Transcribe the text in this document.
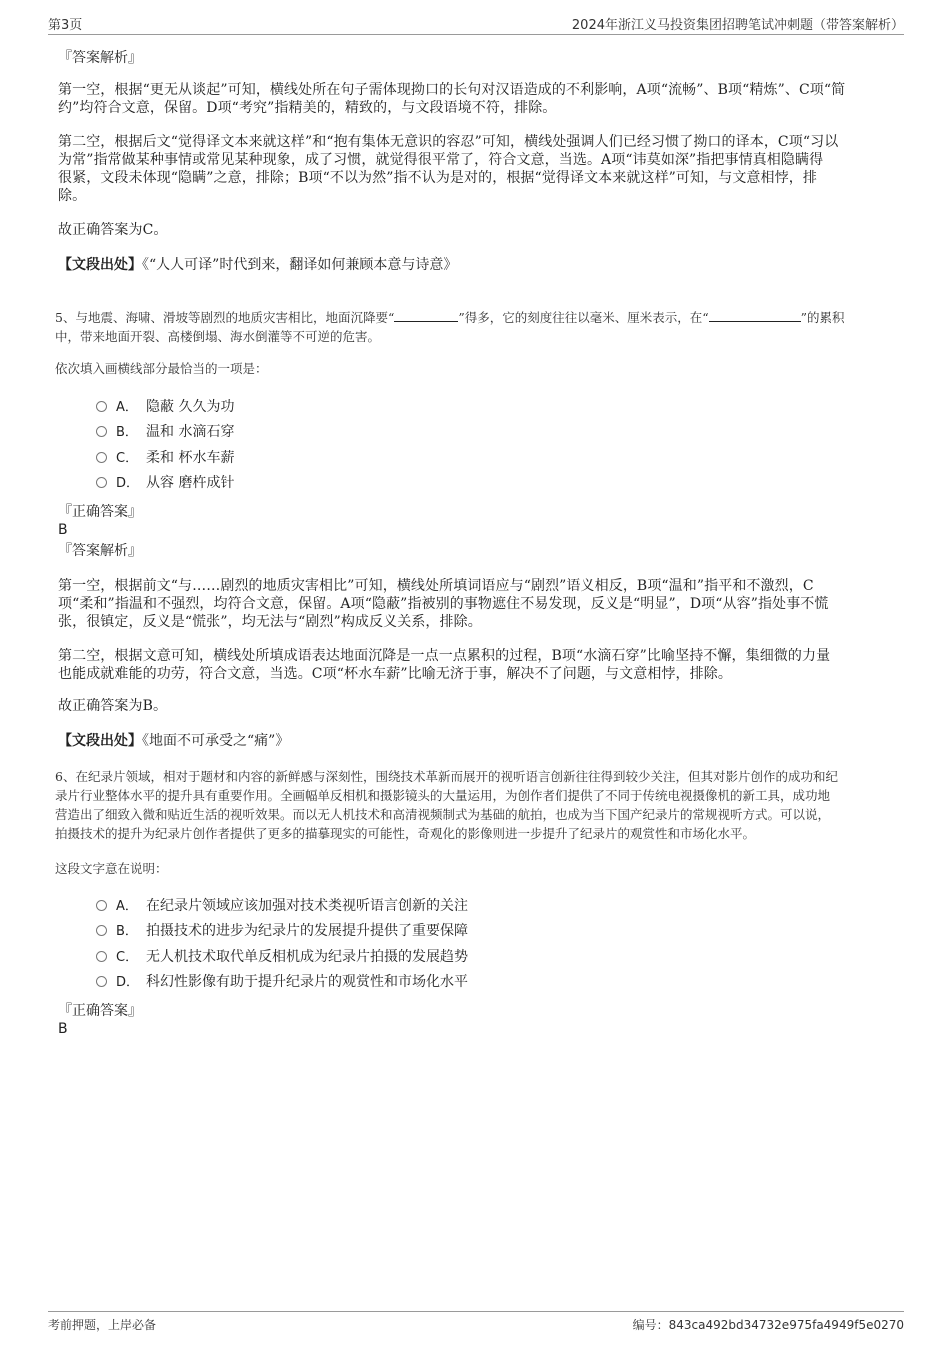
第3页	2024年浙江义马投资集团招聘笔试冲刺题（带答案解析）
『答案解析』
第一空，根据“更无从谈起”可知，横线处所在句子需体现拗口的长句对汉语造成的不利影响，A项“流畅”、B项“精炼”、C项“简
约”均符合文意，保留。D项“考究”指精美的，精致的，与文段语境不符，排除。
第二空，根据后文“觉得译文本来就这样”和“抱有集体无意识的容忍”可知，横线处强调人们已经习惯了拗口的译本，C项“习以
为常”指常做某种事情或常见某种现象，成了习惯，就觉得很平常了，符合文意，当选。A项“讳莫如深”指把事情真相隐瞒得
很紧，文段未体现“隐瞒”之意，排除；B项“不以为然”指不认为是对的，根据“觉得译文本来就这样”可知，与文意相悖，排
除。
故正确答案为C。
【文段出处】《“人人可译”时代到来，翻译如何兼顾本意与诗意》
5、与地震、海啸、滑坡等剧烈的地质灾害相比，地面沉降要“	”得多，它的刻度往往以毫米、厘米表示，在“	”的累积
中，带来地面开裂、高楼倒塌、海水倒灌等不可逆的危害。
依次填入画横线部分最恰当的一项是：
A． 隐蔽 久久为功
B． 温和 水滴石穿
C． 柔和 杯水车薪
D． 从容 磨杵成针
『正确答案』
B
『答案解析』
第一空，根据前文“与……剧烈的地质灾害相比”可知，横线处所填词语应与“剧烈”语义相反，B项“温和”指平和不激烈，C
项“柔和”指温和不强烈，均符合文意，保留。A项“隐蔽”指被别的事物遮住不易发现，反义是“明显”，D项“从容”指处事不慌
张，很镇定，反义是“慌张”，均无法与“剧烈”构成反义关系，排除。
第二空，根据文意可知，横线处所填成语表达地面沉降是一点一点累积的过程，B项“水滴石穿”比喻坚持不懈，集细微的力量
也能成就难能的功劳，符合文意，当选。C项“杯水车薪”比喻无济于事，解决不了问题，与文意相悖，排除。
故正确答案为B。
【文段出处】《地面不可承受之“痛”》
6、在纪录片领域，相对于题材和内容的新鲜感与深刻性，围绕技术革新而展开的视听语言创新往往得到较少关注，但其对影片创作的成功和纪
录片行业整体水平的提升具有重要作用。全画幅单反相机和摄影镜头的大量运用，为创作者们提供了不同于传统电视摄像机的新工具，成功地
营造出了细致入微和贴近生活的视听效果。而以无人机技术和高清视频制式为基础的航拍，也成为当下国产纪录片的常规视听方式。可以说，
拍摄技术的提升为纪录片创作者提供了更多的描摹现实的可能性，奇观化的影像则进一步提升了纪录片的观赏性和市场化水平。
这段文字意在说明：
A． 在纪录片领域应该加强对技术类视听语言创新的关注
B． 拍摄技术的进步为纪录片的发展提升提供了重要保障
C． 无人机技术取代单反相机成为纪录片拍摄的发展趋势
D． 科幻性影像有助于提升纪录片的观赏性和市场化水平
『正确答案』
B
考前押题，上岸必备	编号：843ca492bd34732e975fa4949f5e0270
